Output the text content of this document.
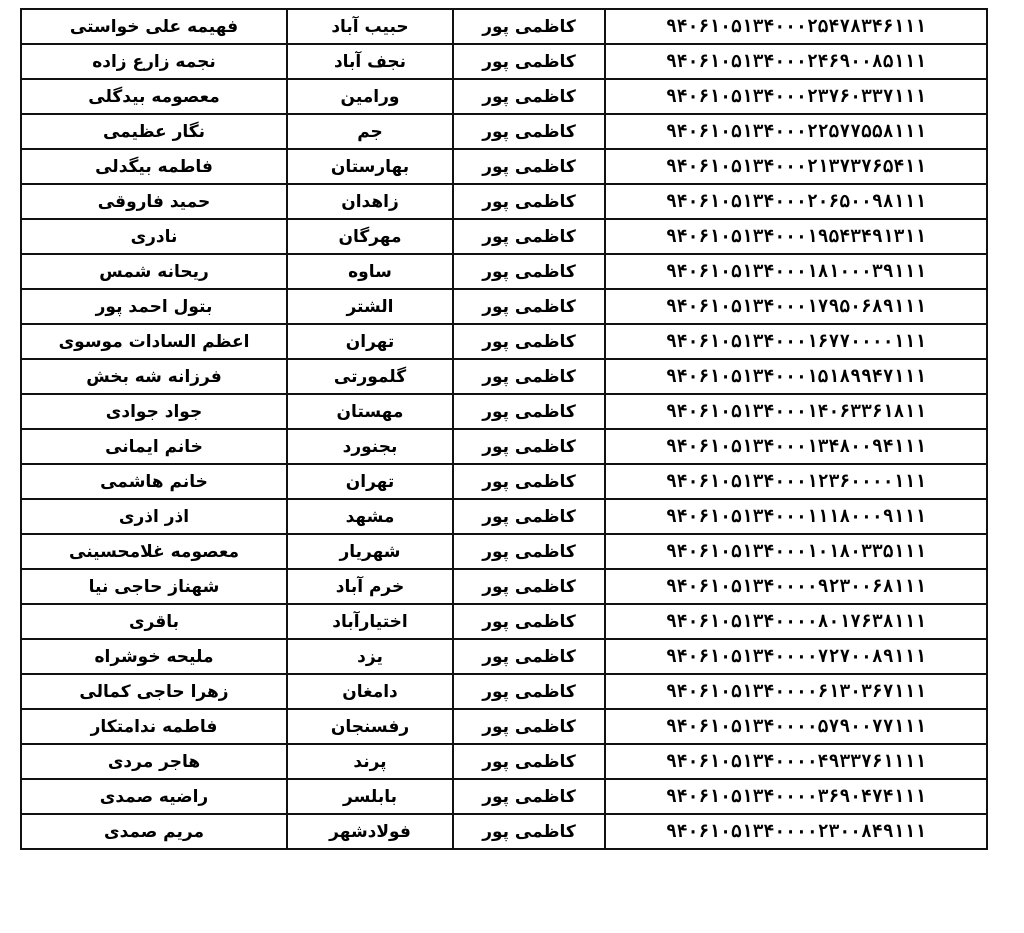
۹۴۰۶۱۰۵۱۳۴۰۰۰۲۵۴۷۸۳۴۶۱۱۱	کاظمی پور	حبیب آباد	فهیمه علی خواستی
۹۴۰۶۱۰۵۱۳۴۰۰۰۲۴۶۹۰۰۸۵۱۱۱	کاظمی پور	نجف آباد	نجمه زارع زاده
۹۴۰۶۱۰۵۱۳۴۰۰۰۲۳۷۶۰۳۳۷۱۱۱	کاظمی پور	ورامین	معصومه بیدگلی
۹۴۰۶۱۰۵۱۳۴۰۰۰۲۲۵۷۷۵۵۸۱۱۱	کاظمی پور	جم	نگار عظیمی
۹۴۰۶۱۰۵۱۳۴۰۰۰۲۱۳۷۳۷۶۵۴۱۱	کاظمی پور	بهارستان	فاطمه بیگدلی
۹۴۰۶۱۰۵۱۳۴۰۰۰۲۰۶۵۰۰۹۸۱۱۱	کاظمی پور	زاهدان	حمید فاروقی
۹۴۰۶۱۰۵۱۳۴۰۰۰۱۹۵۴۳۴۹۱۳۱۱	کاظمی پور	مهرگان	نادری
۹۴۰۶۱۰۵۱۳۴۰۰۰۱۸۱۰۰۰۳۹۱۱۱	کاظمی پور	ساوه	ریحانه شمس
۹۴۰۶۱۰۵۱۳۴۰۰۰۱۷۹۵۰۶۸۹۱۱۱	کاظمی پور	الشتر	بتول احمد پور
۹۴۰۶۱۰۵۱۳۴۰۰۰۱۶۷۷۰۰۰۰۱۱۱	کاظمی پور	تهران	اعظم السادات موسوی
۹۴۰۶۱۰۵۱۳۴۰۰۰۱۵۱۸۹۹۴۷۱۱۱	کاظمی پور	گلمورتی	فرزانه شه بخش
۹۴۰۶۱۰۵۱۳۴۰۰۰۱۴۰۶۳۳۶۱۸۱۱	کاظمی پور	مهستان	جواد جوادی
۹۴۰۶۱۰۵۱۳۴۰۰۰۱۳۴۸۰۰۹۴۱۱۱	کاظمی پور	بجنورد	خانم ایمانی
۹۴۰۶۱۰۵۱۳۴۰۰۰۱۲۳۶۰۰۰۰۱۱۱	کاظمی پور	تهران	خانم هاشمی
۹۴۰۶۱۰۵۱۳۴۰۰۰۱۱۱۸۰۰۰۹۱۱۱	کاظمی پور	مشهد	اذر اذری
۹۴۰۶۱۰۵۱۳۴۰۰۰۱۰۱۸۰۳۳۵۱۱۱	کاظمی پور	شهریار	معصومه غلامحسینی
۹۴۰۶۱۰۵۱۳۴۰۰۰۰۹۲۳۰۰۶۸۱۱۱	کاظمی پور	خرم آباد	شهناز حاجی نیا
۹۴۰۶۱۰۵۱۳۴۰۰۰۰۸۰۱۷۶۳۸۱۱۱	کاظمی پور	اختیارآباد	باقری
۹۴۰۶۱۰۵۱۳۴۰۰۰۰۷۲۷۰۰۸۹۱۱۱	کاظمی پور	یزد	ملیحه خوشراه
۹۴۰۶۱۰۵۱۳۴۰۰۰۰۶۱۳۰۳۶۷۱۱۱	کاظمی پور	دامغان	زهرا حاجی کمالی
۹۴۰۶۱۰۵۱۳۴۰۰۰۰۵۷۹۰۰۷۷۱۱۱	کاظمی پور	رفسنجان	فاطمه ندامتکار
۹۴۰۶۱۰۵۱۳۴۰۰۰۰۴۹۳۳۷۶۱۱۱۱	کاظمی پور	پرند	هاجر مردی
۹۴۰۶۱۰۵۱۳۴۰۰۰۰۳۶۹۰۴۷۴۱۱۱	کاظمی پور	بابلسر	راضیه صمدی
۹۴۰۶۱۰۵۱۳۴۰۰۰۰۲۳۰۰۸۴۹۱۱۱	کاظمی پور	فولادشهر	مریم صمدی
